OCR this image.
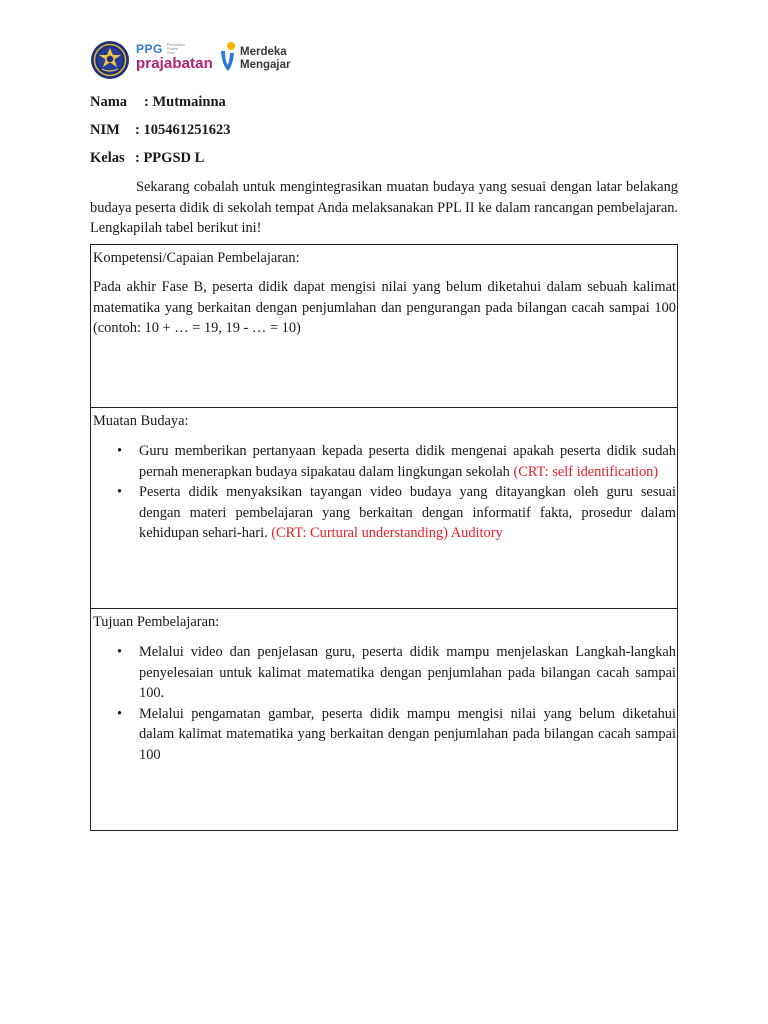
PPG Pendidikan
Profesi
Guru
prajabatan
Merdeka
Mengajar
Nama : Mutmainna
NIM : 105461251623
Kelas : PPGSD L

Sekarang cobalah untuk mengintegrasikan muatan budaya yang sesuai dengan latar belakang budaya peserta didik di sekolah tempat Anda melaksanakan PPL II ke dalam rancangan pembelajaran. Lengkapilah tabel berikut ini!

Kompetensi/Capaian Pembelajaran:

Pada akhir Fase B, peserta didik dapat mengisi nilai yang belum diketahui dalam sebuah kalimat matematika yang berkaitan dengan penjumlahan dan pengurangan pada bilangan cacah sampai 100 (contoh: 10 + … = 19, 19 - … = 10)

Muatan Budaya:

• Guru memberikan pertanyaan kepada peserta didik mengenai apakah peserta didik sudah pernah menerapkan budaya sipakatau dalam lingkungan sekolah (CRT: self identification)
• Peserta didik menyaksikan tayangan video budaya yang ditayangkan oleh guru sesuai dengan materi pembelajaran yang berkaitan dengan informatif fakta, prosedur dalam kehidupan sehari-hari. (CRT: Curtural understanding) Auditory

Tujuan Pembelajaran:

• Melalui video dan penjelasan guru, peserta didik mampu menjelaskan Langkah-langkah penyelesaian untuk kalimat matematika dengan penjumlahan pada bilangan cacah sampai 100.
• Melalui pengamatan gambar, peserta didik mampu mengisi nilai yang belum diketahui dalam kalimat matematika yang berkaitan dengan penjumlahan pada bilangan cacah sampai 100
